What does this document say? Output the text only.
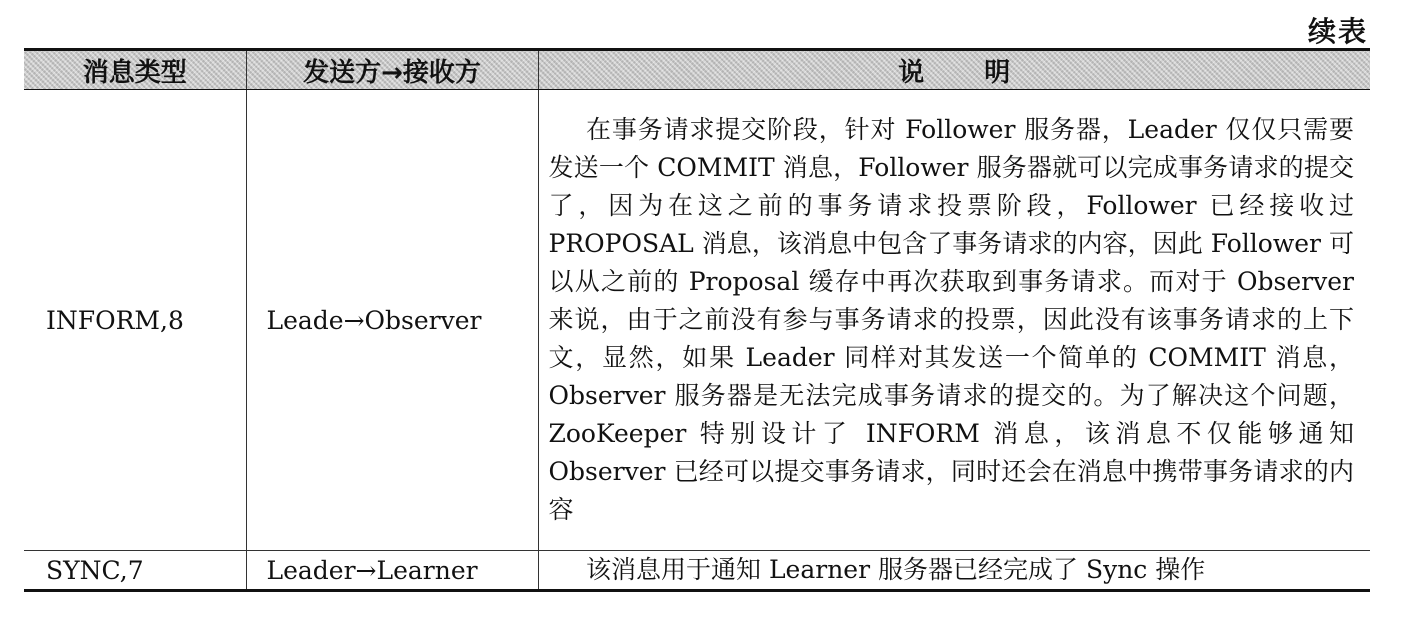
续表
消息类型	发送方→接收方	说明
INFORM,8	Leade→Observer	在事务请求提交阶段，针对 Follower 服务器，Leader 仅仅只需要发送一个 COMMIT 消息，Follower 服务器就可以完成事务请求的提交了，因为在这之前的事务请求投票阶段，Follower 已经接收过 PROPOSAL 消息，该消息中包含了事务请求的内容，因此 Follower 可以从之前的 Proposal 缓存中再次获取到事务请求。而对于 Observer 来说，由于之前没有参与事务请求的投票，因此没有该事务请求的上下文，显然，如果 Leader 同样对其发送一个简单的 COMMIT 消息，Observer 服务器是无法完成事务请求的提交的。为了解决这个问题，ZooKeeper 特别设计了 INFORM 消息，该消息不仅能够通知 Observer 已经可以提交事务请求，同时还会在消息中携带事务请求的内容

SYNC,7	Leader→Learner	该消息用于通知 Learner 服务器已经完成了 Sync 操作
